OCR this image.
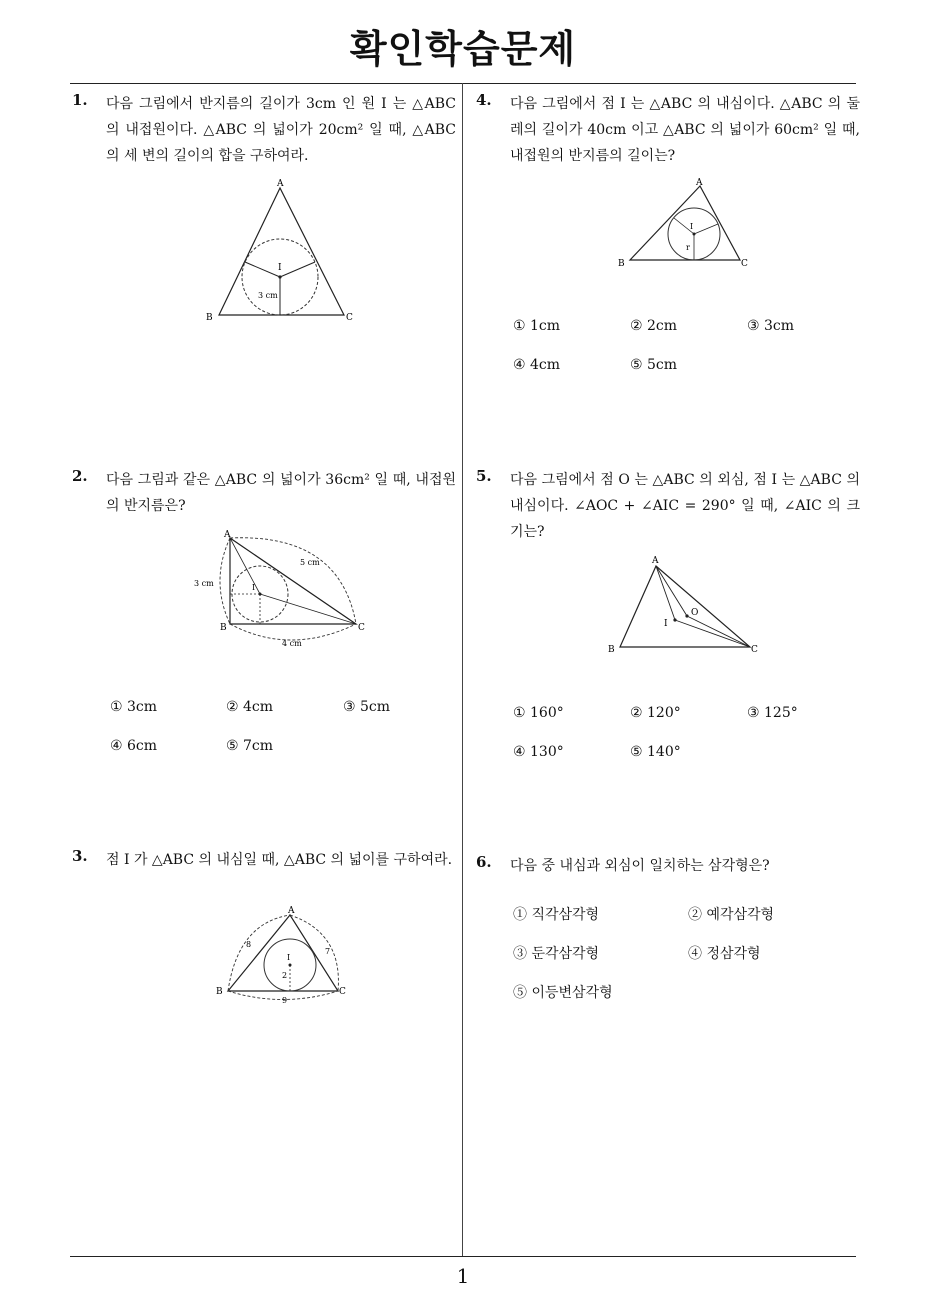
확인학습문제
1
1. 다음 그림에서 반지름의 길이가 3cm 인 원 I 는 △ABC 의 내접원이다. △ABC 의 넓이가 20cm² 일 때, △ABC 의 세 변의 길이의 합을 구하여라.
B	C
A
I
3 cm
2. 다음 그림과 같은 △ABC 의 넓이가 36cm² 일 때, 내접원의 반지름은?
A
B	C
I
3 cm
5 cm
4 cm
① 3cm	② 4cm	③ 5cm
④ 6cm	⑤ 7cm
3. 점 I 가 △ABC 의 내심일 때, △ABC 의 넓이를 구하여라.
A
B	C
I
8
7
9
2
4. 다음 그림에서 점 I 는 △ABC 의 내심이다. △ABC 의 둘레의 길이가 40cm 이고 △ABC 의 넓이가 60cm² 일 때, 내접원의 반지름의 길이는?
A
B	C
I
r
① 1cm	② 2cm	③ 3cm
④ 4cm	⑤ 5cm
5. 다음 그림에서 점 O 는 △ABC 의 외심, 점 I 는 △ABC 의 내심이다. ∠AOC + ∠AIC = 290° 일 때, ∠AIC 의 크기는?
A
B	C
O
I
① 160°	② 120°	③ 125°
④ 130°	⑤ 140°
6. 다음 중 내심과 외심이 일치하는 삼각형은?
① 직각삼각형	② 예각삼각형
③ 둔각삼각형	④ 정삼각형
⑤ 이등변삼각형
